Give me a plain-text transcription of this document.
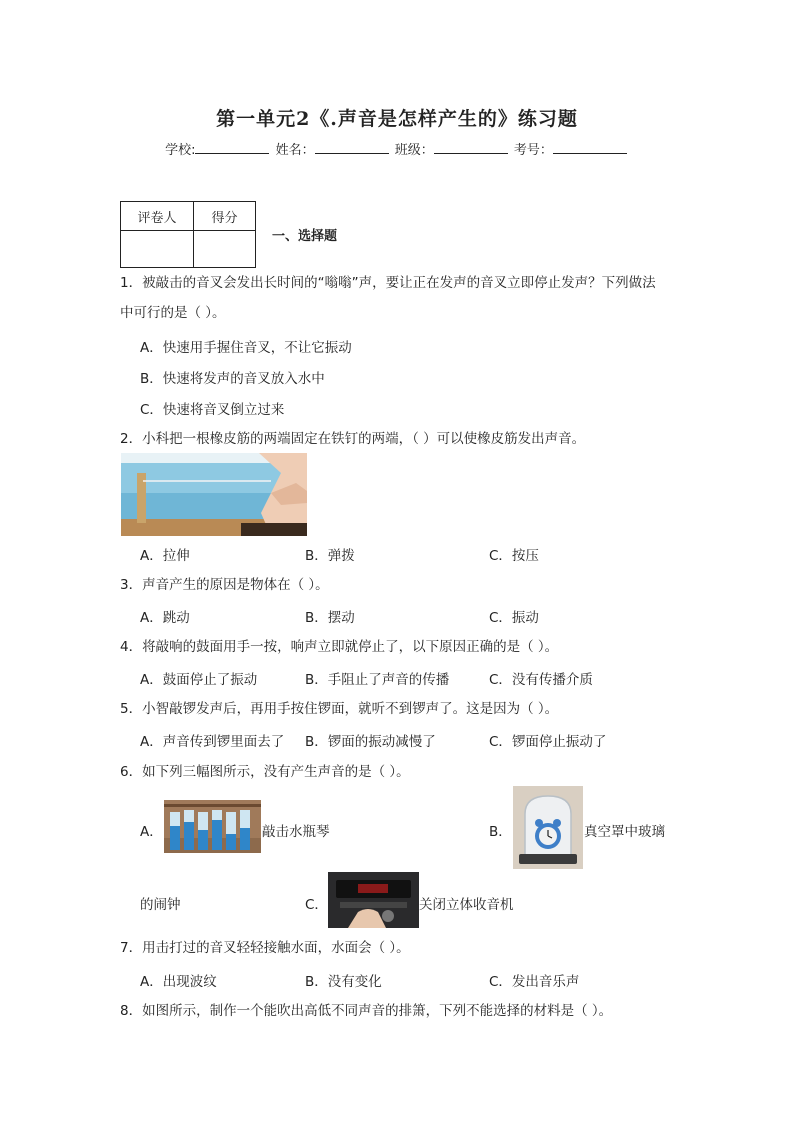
第一单元2《.声音是怎样产生的》练习题
学校:	姓名：	班级：	考号：
评卷人	得分

一、选择题
1．被敲击的音叉会发出长时间的“嗡嗡”声，要让正在发声的音叉立即停止发声？下列做法
中可行的是（ ）。
A．快速用手握住音叉，不让它振动
B．快速将发声的音叉放入水中
C．快速将音叉倒立过来
2．小科把一根橡皮筋的两端固定在铁钉的两端，（ ）可以使橡皮筋发出声音。
A．拉伸	B．弹拨	C．按压
3．声音产生的原因是物体在（ ）。
A．跳动	B．摆动	C．振动
4．将敲响的鼓面用手一按，响声立即就停止了，以下原因正确的是（ ）。
A．鼓面停止了振动	B．手阻止了声音的传播	C．没有传播介质
5．小智敲锣发声后，再用手按住锣面，就听不到锣声了。这是因为（ ）。
A．声音传到锣里面去了 B．锣面的振动减慢了	C．锣面停止振动了
6．如下列三幅图所示，没有产生声音的是（ ）。
A．	敲击水瓶琴	B．	真空罩中玻璃
的闹钟	C．	关闭立体收音机
7．用击打过的音叉轻轻接触水面，水面会（ ）。
A．出现波纹	B．没有变化	C．发出音乐声
8．如图所示，制作一个能吹出高低不同声音的排箫，下列不能选择的材料是（ ）。
